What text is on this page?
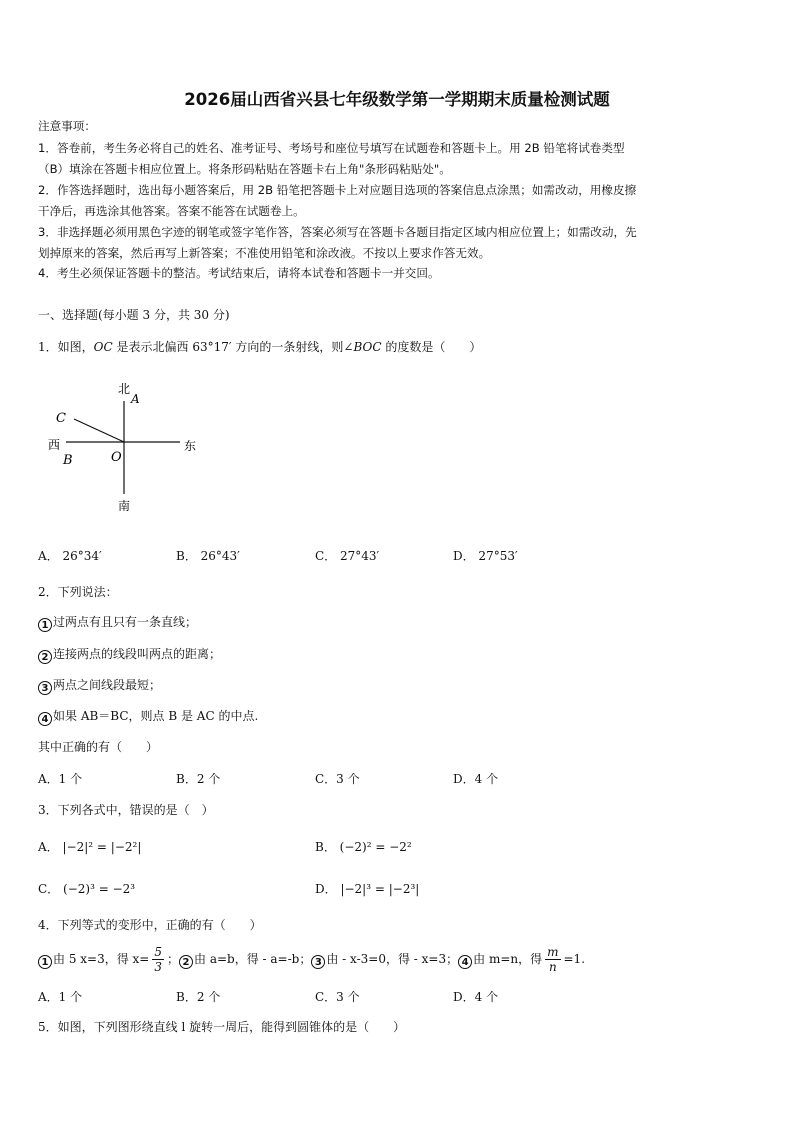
2026届山西省兴县七年级数学第一学期期末质量检测试题
注意事项：
1．答卷前，考生务必将自己的姓名、准考证号、考场号和座位号填写在试题卷和答题卡上。用 2B 铅笔将试卷类型
（B）填涂在答题卡相应位置上。将条形码粘贴在答题卡右上角"条形码粘贴处"。
2．作答选择题时，选出每小题答案后，用 2B 铅笔把答题卡上对应题目选项的答案信息点涂黑；如需改动，用橡皮擦
干净后，再选涂其他答案。答案不能答在试题卷上。
3．非选择题必须用黑色字迹的钢笔或签字笔作答，答案必须写在答题卡各题目指定区域内相应位置上；如需改动，先
划掉原来的答案，然后再写上新答案；不准使用铅笔和涂改液。不按以上要求作答无效。
4．考生必须保证答题卡的整洁。考试结束后，请将本试卷和答题卡一并交回。
一、选择题(每小题 3 分，共 30 分)
1．如图，OC 是表示北偏西 63°17′ 方向的一条射线，则∠BOC 的度数是（　　）
北
A
C
西
B	O
东
南
A． 26°34′	B． 26°43′	C． 27°43′	D． 27°53′
2．下列说法：
1 过两点有且只有一条直线；
2 连接两点的线段叫两点的距离；
3 两点之间线段最短；
4 如果 AB＝BC，则点 B 是 AC 的中点.
其中正确的有（　　）
A．1 个	B．2 个	C．3 个	D．4 个
3．下列各式中，错误的是（　）
A． |−2|² = |−2²|	B． (−2)² = −2²
C． (−2)³ = −2³	D． |−2|³ = |−2³|
4．下列等式的变形中，正确的有（　　）
1 由 5 x=3，得 $x= \frac{5}{3}$ ； 2 由 a=b，得 - a=-b； 3 由 - x-3=0，得 - x=3； 4 由 m=n，得 $\frac{m}{n} =1$.
A．1 个	B．2 个	C．3 个	D．4 个
5．如图，下列图形绕直线 l 旋转一周后，能得到圆锥体的是（　　）
